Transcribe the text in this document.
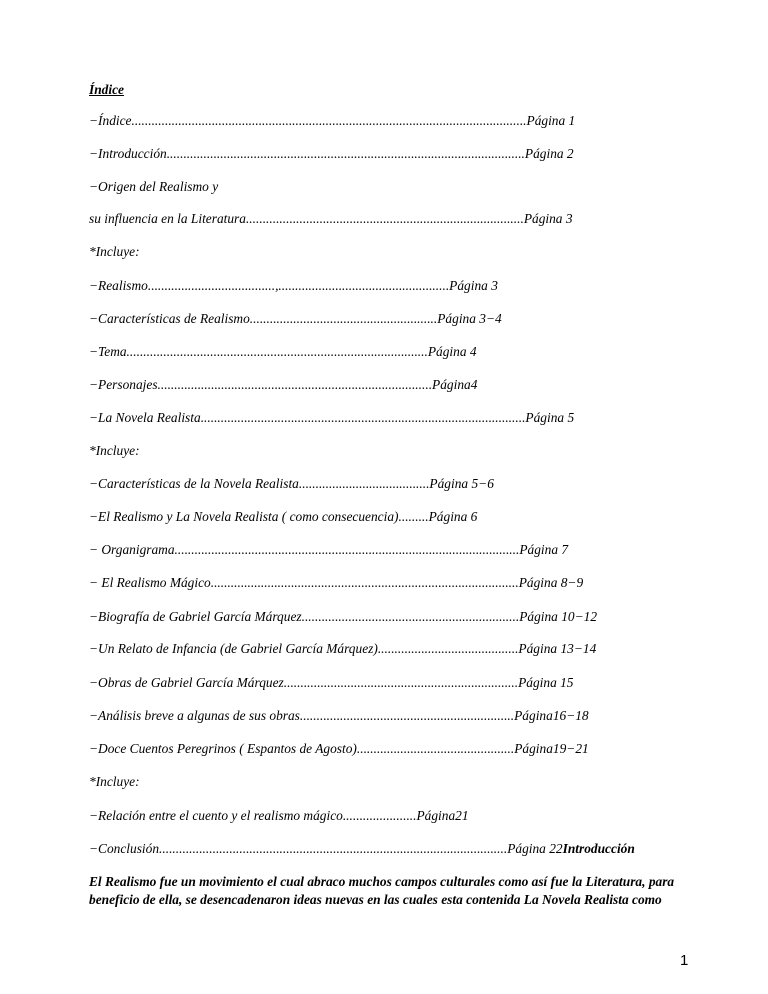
Índice
−Índice......................................................................................................................Página 1
−Introducción...........................................................................................................Página 2
−Origen del Realismo y
su influencia en la Literatura...................................................................................Página 3
*Incluye:
−Realismo......................................,...................................................Página 3
−Características de Realismo........................................................Página 3−4
−Tema..........................................................................................Página 4
−Personajes..................................................................................Página4
−La Novela Realista.................................................................................................Página 5
*Incluye:
−Características de la Novela Realista.......................................Página 5−6
−El Realismo y La Novela Realista ( como consecuencia).........Página 6
− Organigrama.......................................................................................................Página 7
− El Realismo Mágico............................................................................................Página 8−9
−Biografía de Gabriel García Márquez.................................................................Página 10−12
−Un Relato de Infancia (de Gabriel García Márquez)..........................................Página 13−14
−Obras de Gabriel García Márquez......................................................................Página 15
−Análisis breve a algunas de sus obras................................................................Página16−18
−Doce Cuentos Peregrinos ( Espantos de Agosto)...............................................Página19−21
*Incluye:
−Relación entre el cuento y el realismo mágico......................Página21
−Conclusión........................................................................................................Página 22Introducción
El Realismo fue un movimiento el cual abraco muchos campos culturales como así fue la Literatura, para beneficio de ella, se desencadenaron ideas nuevas en las cuales esta contenida La Novela Realista como
1
